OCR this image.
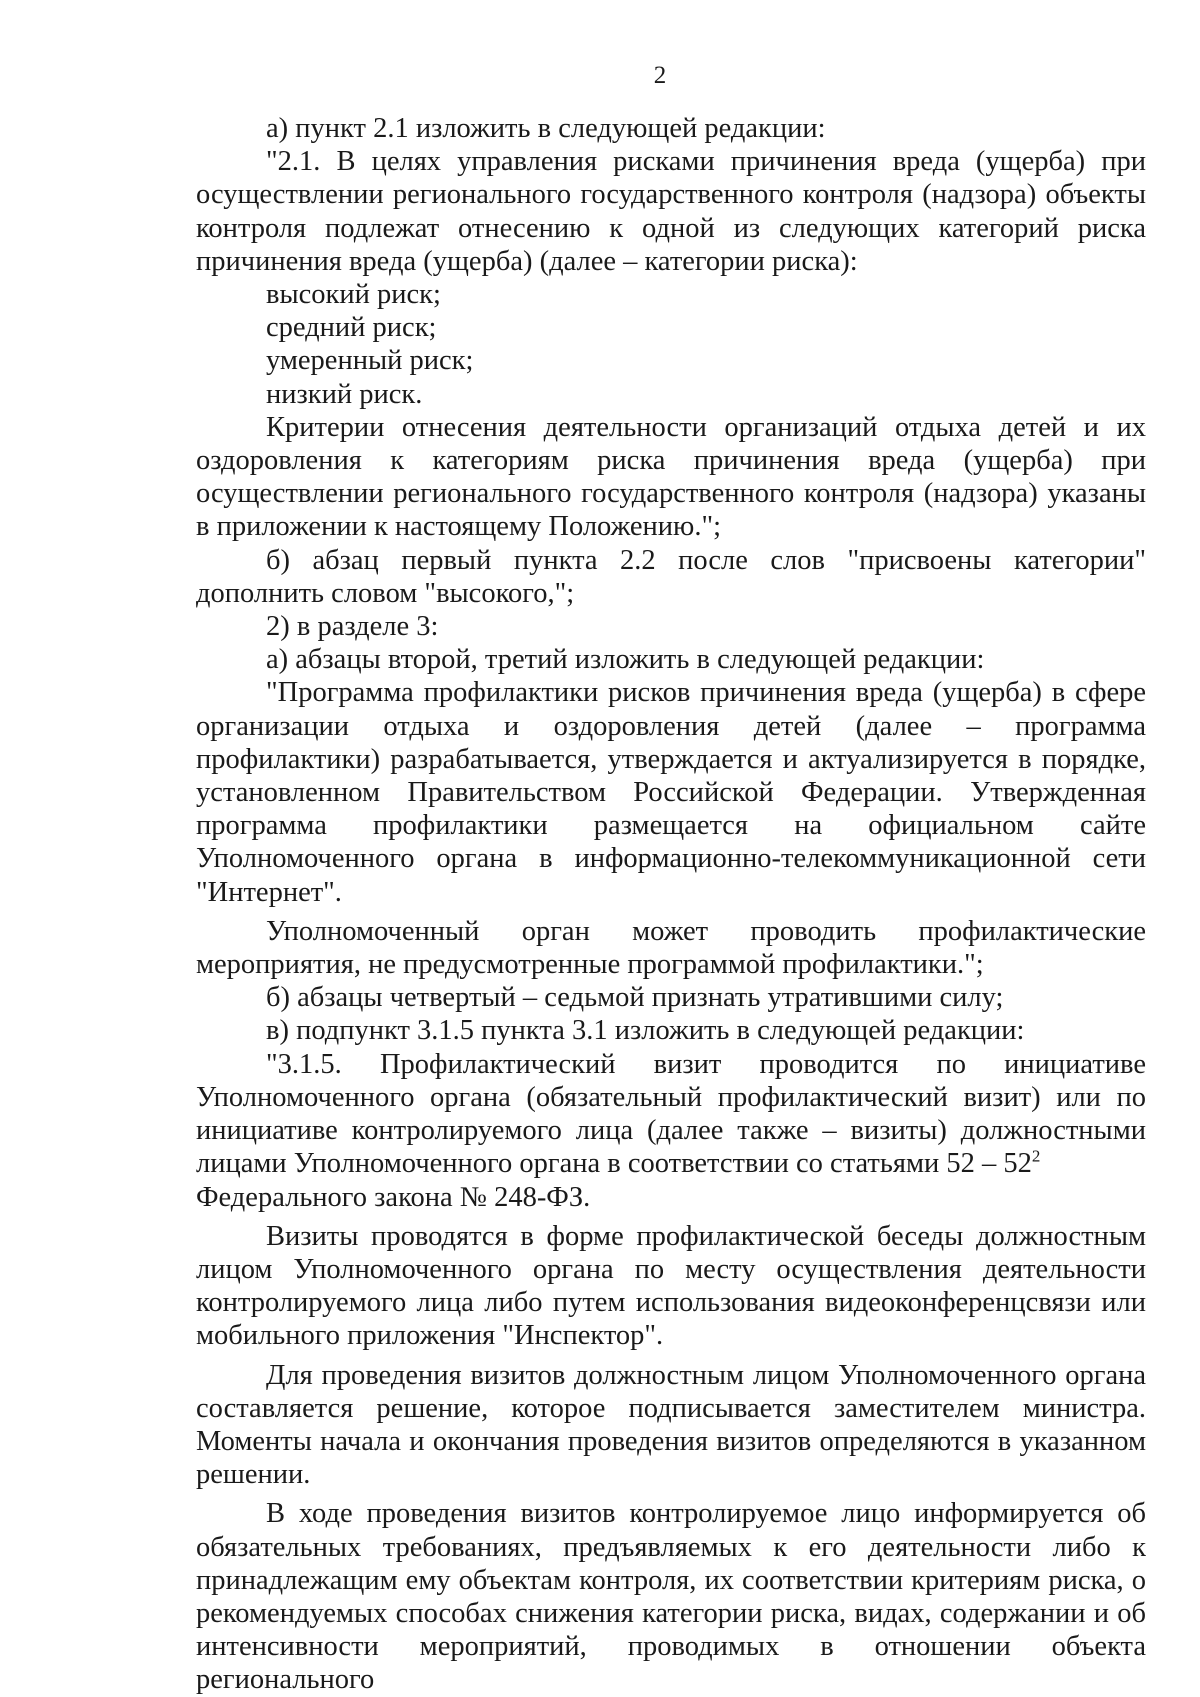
2

а) пункт 2.1 изложить в следующей редакции:

"2.1. В целях управления рисками причинения вреда (ущерба) при осуществлении регионального государственного контроля (надзора) объекты контроля подлежат отнесению к одной из следующих категорий риска причинения вреда (ущерба) (далее – категории риска):

высокий риск;

средний риск;

умеренный риск;

низкий риск.

Критерии отнесения деятельности организаций отдыха детей и их оздоровления к категориям риска причинения вреда (ущерба) при осуществлении регионального государственного контроля (надзора) указаны в приложении к настоящему Положению.";

б) абзац первый пункта 2.2 после слов "присвоены категории" дополнить словом "высокого,";

2) в разделе 3:

а) абзацы второй, третий изложить в следующей редакции:

"Программа профилактики рисков причинения вреда (ущерба) в сфере организации отдыха и оздоровления детей (далее – программа профилактики) разрабатывается, утверждается и актуализируется в порядке, установленном Правительством Российской Федерации. Утвержденная программа профилактики размещается на официальном сайте Уполномоченного органа в информационно-телекоммуникационной сети "Интернет".

Уполномоченный орган может проводить профилактические мероприятия, не предусмотренные программой профилактики.";

б) абзацы четвертый – седьмой признать утратившими силу;

в) подпункт 3.1.5 пункта 3.1 изложить в следующей редакции:

"3.1.5. Профилактический визит проводится по инициативе Уполномоченного органа (обязательный профилактический визит) или по инициативе контролируемого лица (далее также – визиты) должностными лицами Уполномоченного органа в соответствии со статьями $52 - 52^2$

Федерального закона № 248-ФЗ.

Визиты проводятся в форме профилактической беседы должностным лицом Уполномоченного органа по месту осуществления деятельности контролируемого лица либо путем использования видеоконференцсвязи или мобильного приложения "Инспектор".

Для проведения визитов должностным лицом Уполномоченного органа составляется решение, которое подписывается заместителем министра. Моменты начала и окончания проведения визитов определяются в указанном решении.

В ходе проведения визитов контролируемое лицо информируется об обязательных требованиях, предъявляемых к его деятельности либо к принадлежащим ему объектам контроля, их соответствии критериям риска, о рекомендуемых способах снижения категории риска, видах, содержании и об интенсивности мероприятий, проводимых в отношении объекта регионального
